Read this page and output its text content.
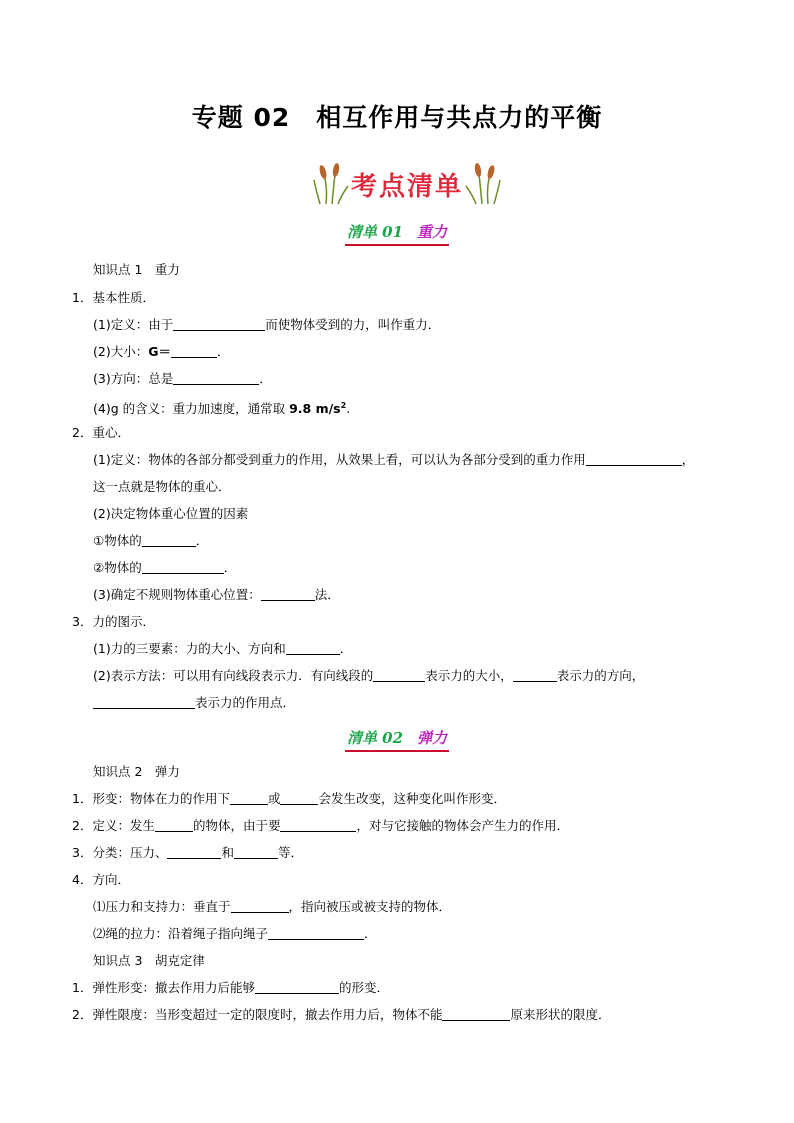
专题 02　相互作用与共点力的平衡
考点清单
清单 01 重力
知识点 1　重力
1．基本性质．
(1)定义：由于	而使物体受到的力，叫作重力．
(2)大小：G＝	．
(3)方向：总是	．
(4)g 的含义：重力加速度，通常取 9.8 $m/s^2$.
2．重心．
(1)定义：物体的各部分都受到重力的作用，从效果上看，可以认为各部分受到的重力作用	，
这一点就是物体的重心．
(2)决定物体重心位置的因素
①物体的	．
②物体的	．
(3)确定不规则物体重心位置：	法．
3．力的图示．
(1)力的三要素：力的大小、方向和	．
(2)表示方法：可以用有向线段表示力．有向线段的	表示力的大小，	表示力的方向，
表示力的作用点．
清单 02 弹力
知识点 2　弹力
1．形变：物体在力的作用下	或	会发生改变，这种变化叫作形变．
2．定义：发生	的物体，由于要	，对与它接触的物体会产生力的作用．
3．分类：压力、	和	等．
4．方向．
⑴压力和支持力：垂直于	，指向被压或被支持的物体．
⑵绳的拉力：沿着绳子指向绳子	．
知识点 3　胡克定律
1．弹性形变：撤去作用力后能够	的形变．
2．弹性限度：当形变超过一定的限度时，撤去作用力后，物体不能	原来形状的限度．
